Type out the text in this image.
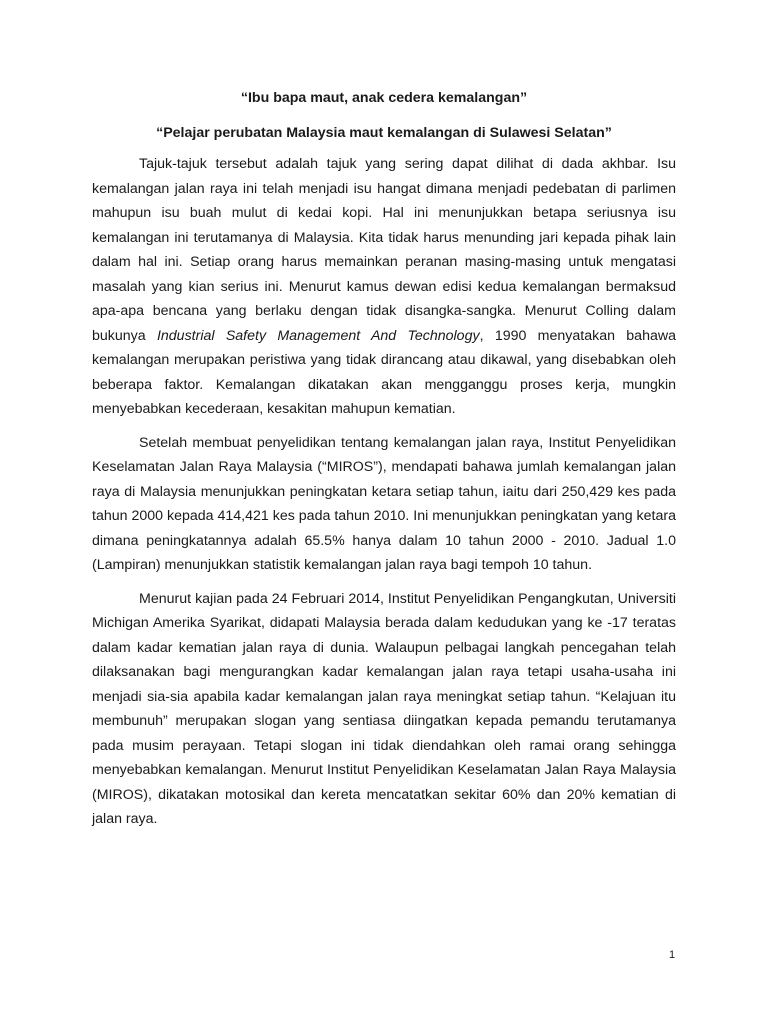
“Ibu bapa maut, anak cedera kemalangan”

“Pelajar perubatan Malaysia maut kemalangan di Sulawesi Selatan”

Tajuk-tajuk tersebut adalah tajuk yang sering dapat dilihat di dada akhbar. Isu kemalangan jalan raya ini telah menjadi isu hangat dimana menjadi pedebatan di parlimen mahupun isu buah mulut di kedai kopi. Hal ini menunjukkan betapa seriusnya isu kemalangan ini terutamanya di Malaysia. Kita tidak harus menunding jari kepada pihak lain dalam hal ini. Setiap orang harus memainkan peranan masing-masing untuk mengatasi masalah yang kian serius ini. Menurut kamus dewan edisi kedua kemalangan bermaksud apa-apa bencana yang berlaku dengan tidak disangka-sangka. Menurut Colling dalam bukunya Industrial Safety Management And Technology, 1990 menyatakan bahawa kemalangan merupakan peristiwa yang tidak dirancang atau dikawal, yang disebabkan oleh beberapa faktor. Kemalangan dikatakan akan mengganggu proses kerja, mungkin menyebabkan kecederaan, kesakitan mahupun kematian.

Setelah membuat penyelidikan tentang kemalangan jalan raya, Institut Penyelidikan Keselamatan Jalan Raya Malaysia (“MIROS”), mendapati bahawa jumlah kemalangan jalan raya di Malaysia menunjukkan peningkatan ketara setiap tahun, iaitu dari 250,429 kes pada tahun 2000 kepada 414,421 kes pada tahun 2010. Ini menunjukkan peningkatan yang ketara dimana peningkatannya adalah 65.5% hanya dalam 10 tahun 2000 - 2010. Jadual 1.0 (Lampiran) menunjukkan statistik kemalangan jalan raya bagi tempoh 10 tahun.

Menurut kajian pada 24 Februari 2014, Institut Penyelidikan Pengangkutan, Universiti Michigan Amerika Syarikat, didapati Malaysia berada dalam kedudukan yang ke -17 teratas dalam kadar kematian jalan raya di dunia. Walaupun pelbagai langkah pencegahan telah dilaksanakan bagi mengurangkan kadar kemalangan jalan raya tetapi usaha-usaha ini menjadi sia-sia apabila kadar kemalangan jalan raya meningkat setiap tahun. “Kelajuan itu membunuh” merupakan slogan yang sentiasa diingatkan kepada pemandu terutamanya pada musim perayaan. Tetapi slogan ini tidak diendahkan oleh ramai orang sehingga menyebabkan kemalangan. Menurut Institut Penyelidikan Keselamatan Jalan Raya Malaysia (MIROS), dikatakan motosikal dan kereta mencatatkan sekitar 60% dan 20% kematian di jalan raya.

1
